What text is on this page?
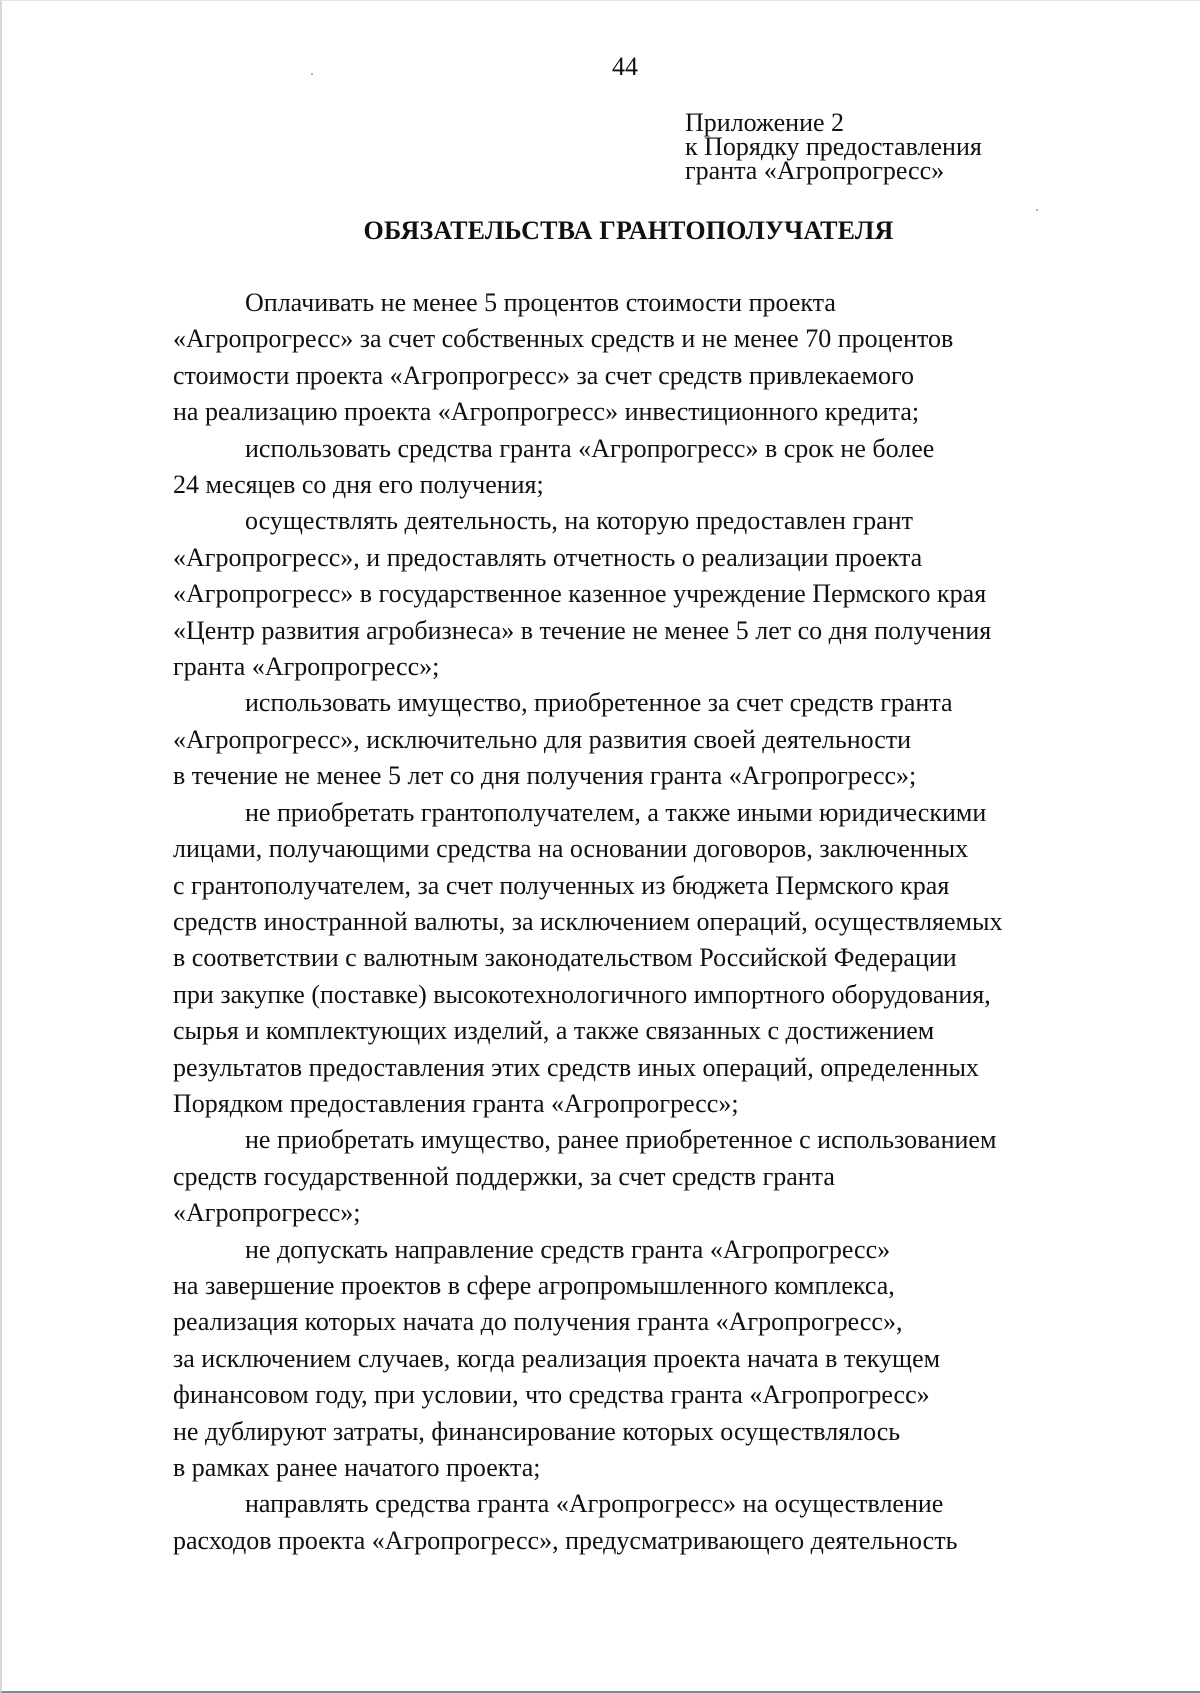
44
Приложение 2
к Порядку предоставления
гранта «Агропрогресс»
ОБЯЗАТЕЛЬСТВА ГРАНТОПОЛУЧАТЕЛЯ

Оплачивать не менее 5 процентов стоимости проекта
«Агропрогресс» за счет собственных средств и не менее 70 процентов
стоимости проекта «Агропрогресс» за счет средств привлекаемого
на реализацию проекта «Агропрогресс» инвестиционного кредита;

использовать средства гранта «Агропрогресс» в срок не более
24 месяцев со дня его получения;

осуществлять деятельность, на которую предоставлен грант
«Агропрогресс», и предоставлять отчетность о реализации проекта
«Агропрогресс» в государственное казенное учреждение Пермского края
«Центр развития агробизнеса» в течение не менее 5 лет со дня получения
гранта «Агропрогресс»;

использовать имущество, приобретенное за счет средств гранта
«Агропрогресс», исключительно для развития своей деятельности
в течение не менее 5 лет со дня получения гранта «Агропрогресс»;

не приобретать грантополучателем, а также иными юридическими
лицами, получающими средства на основании договоров, заключенных
с грантополучателем, за счет полученных из бюджета Пермского края
средств иностранной валюты, за исключением операций, осуществляемых
в соответствии с валютным законодательством Российской Федерации
при закупке (поставке) высокотехнологичного импортного оборудования,
сырья и комплектующих изделий, а также связанных с достижением
результатов предоставления этих средств иных операций, определенных
Порядком предоставления гранта «Агропрогресс»;

не приобретать имущество, ранее приобретенное с использованием
средств государственной поддержки, за счет средств гранта
«Агропрогресс»;

не допускать направление средств гранта «Агропрогресс»
на завершение проектов в сфере агропромышленного комплекса,
реализация которых начата до получения гранта «Агропрогресс»,
за исключением случаев, когда реализация проекта начата в текущем
финансовом году, при условии, что средства гранта «Агропрогресс»
не дублируют затраты, финансирование которых осуществлялось
в рамках ранее начатого проекта;

направлять средства гранта «Агропрогресс» на осуществление
расходов проекта «Агропрогресс», предусматривающего деятельность
